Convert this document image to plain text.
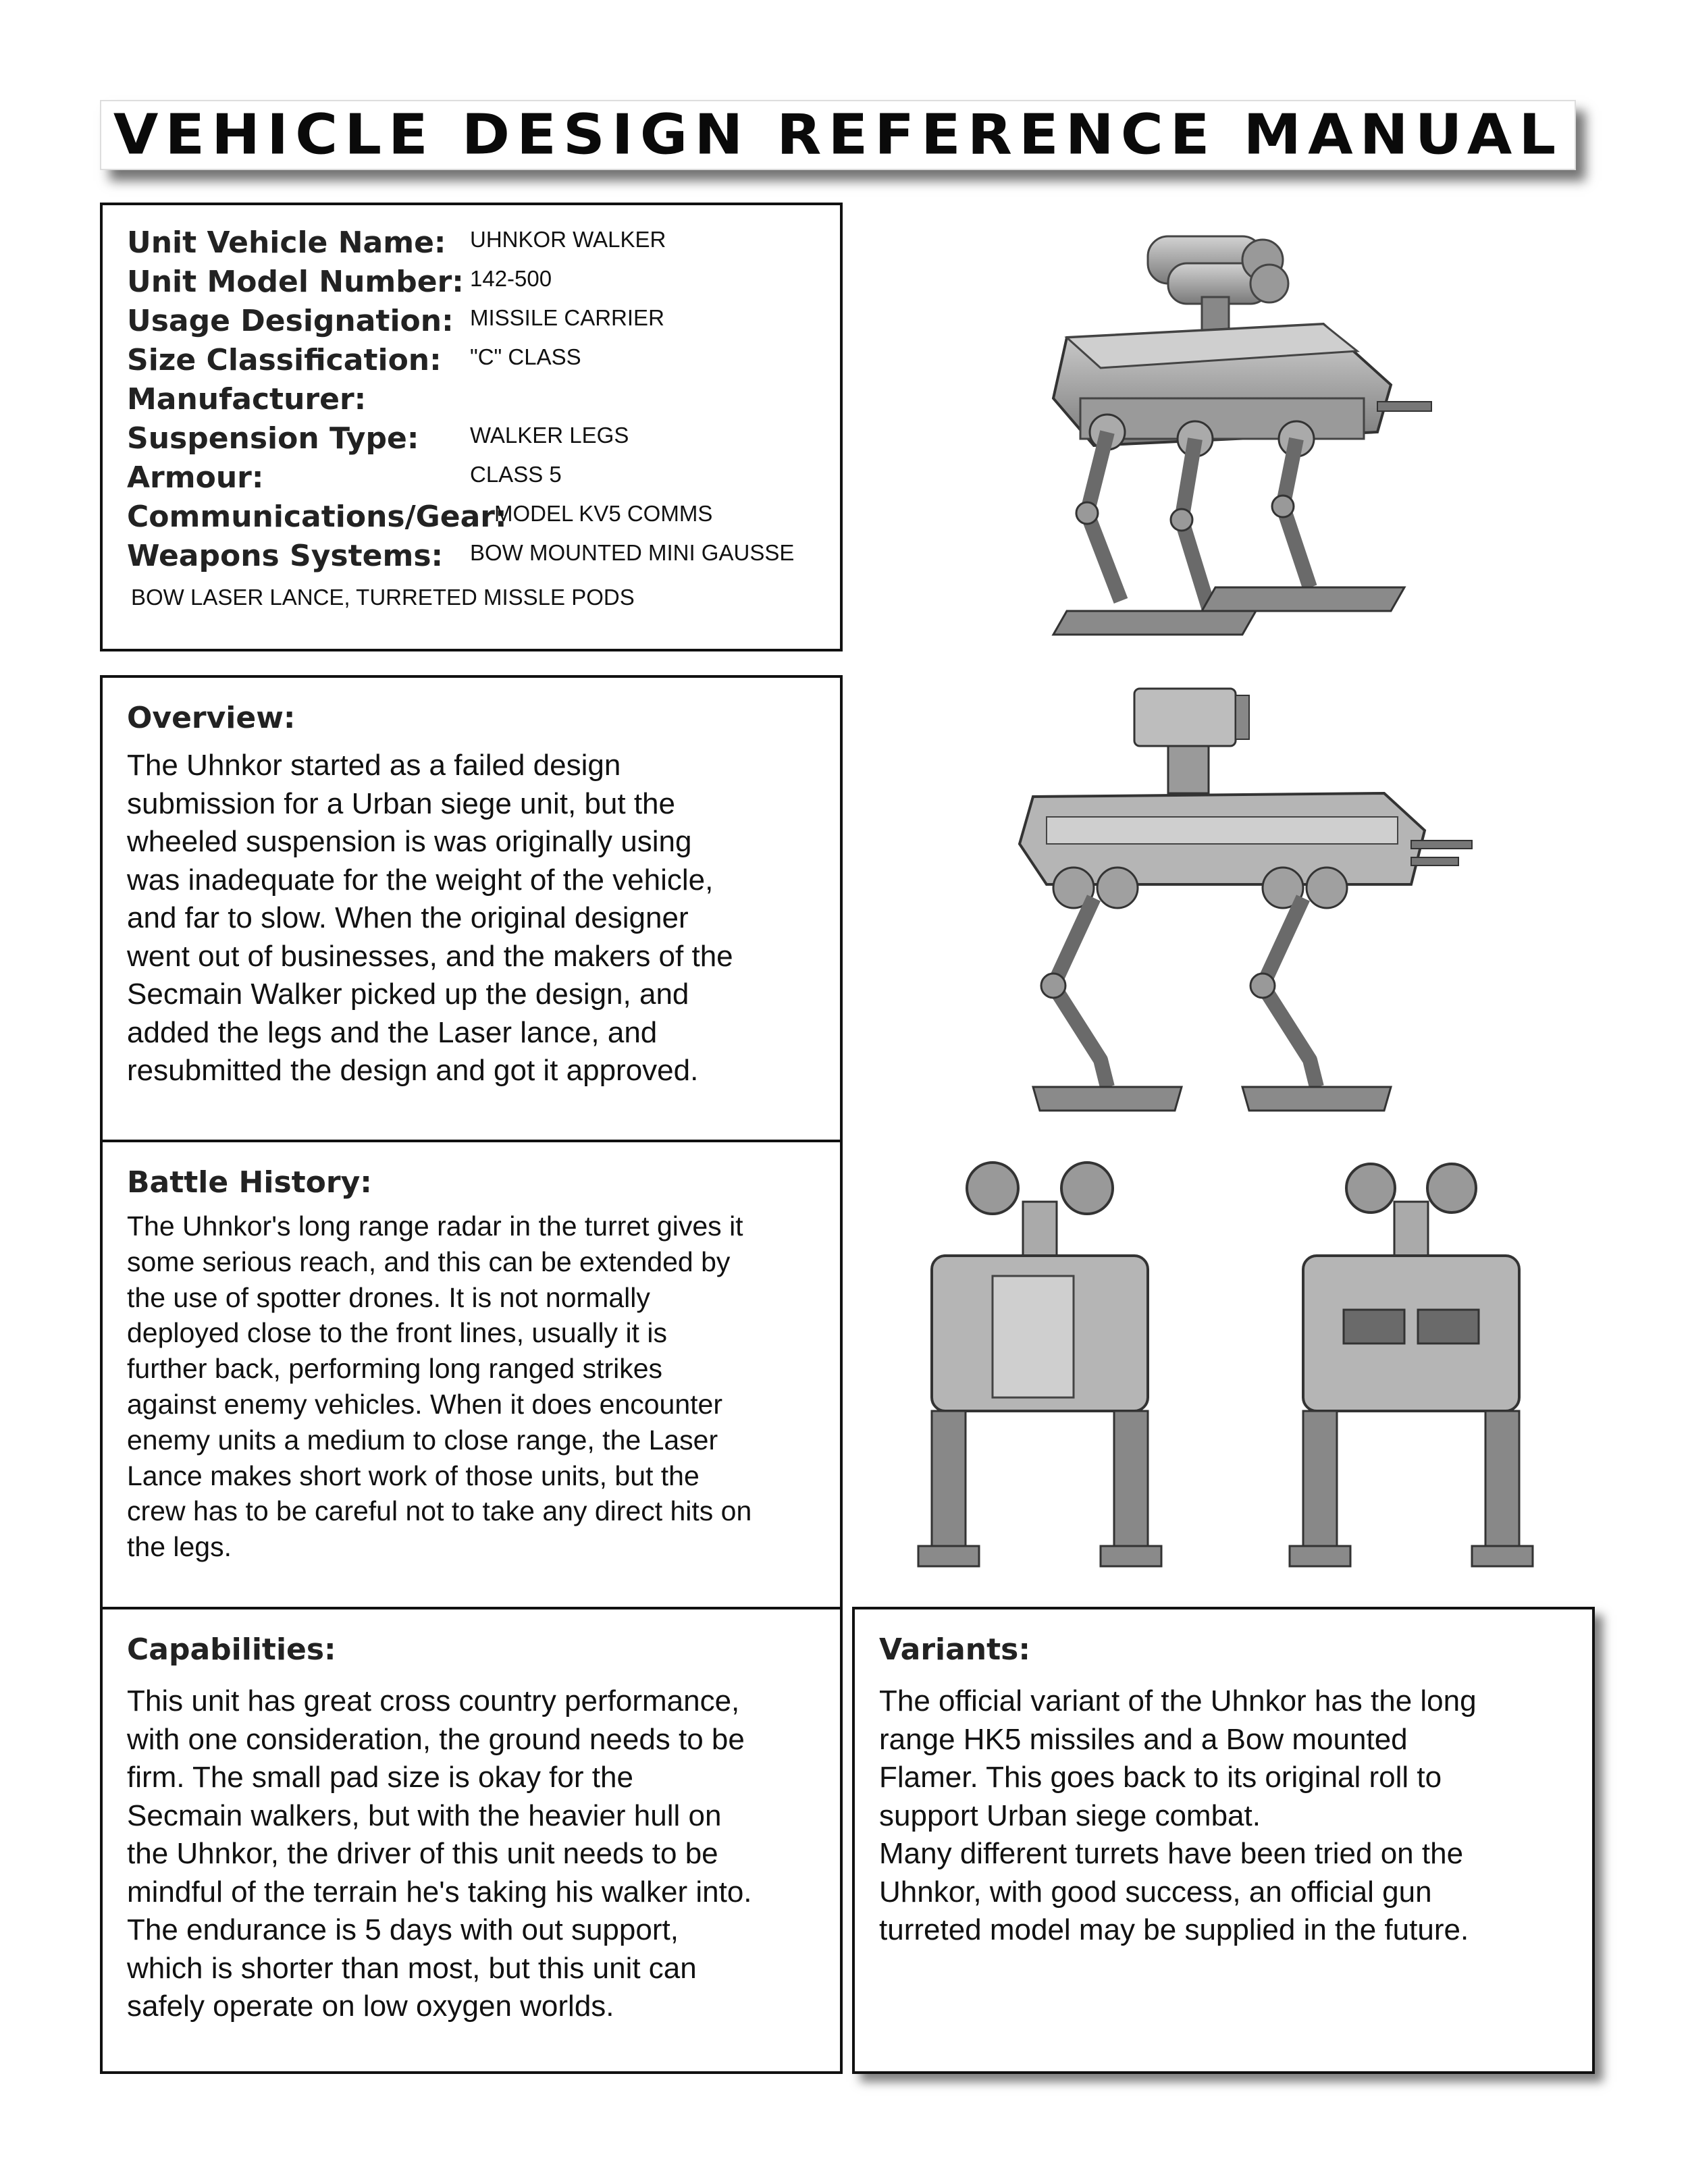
VEHICLE DESIGN REFERENCE MANUAL
Unit Vehicle Name: UHNKOR WALKER
Unit Model Number: 142-500
Usage Designation: MISSILE CARRIER
Size Classification: "C" CLASS
Manufacturer:
Suspension Type: WALKER LEGS
Armour:	CLASS 5
Communications/Gear:
MODEL KV5 COMMS
Weapons Systems: BOW MOUNTED MINI GAUSSE
BOW LASER LANCE, TURRETED MISSLE PODS
Overview:
The Uhnkor started as a failed design
submission for a Urban siege unit, but the
wheeled suspension is was originally using
was inadequate for the weight of the vehicle,
and far to slow. When the original designer
went out of businesses, and the makers of the
Secmain Walker picked up the design, and
added the legs and the Laser lance, and
resubmitted the design and got it approved.
Battle History:
The Uhnkor's long range radar in the turret gives it
some serious reach, and this can be extended by
the use of spotter drones. It is not normally
deployed close to the front lines, usually it is
further back, performing long ranged strikes
against enemy vehicles. When it does encounter
enemy units a medium to close range, the Laser
Lance makes short work of those units, but the
crew has to be careful not to take any direct hits on
the legs.
Capabilities:
This unit has great cross country performance,
with one consideration, the ground needs to be
firm. The small pad size is okay for the
Secmain walkers, but with the heavier hull on
the Uhnkor, the driver of this unit needs to be
mindful of the terrain he's taking his walker into.
The endurance is 5 days with out support,
which is shorter than most, but this unit can
safely operate on low oxygen worlds.
Variants:
The official variant of the Uhnkor has the long
range HK5 missiles and a Bow mounted
Flamer. This goes back to its original roll to
support Urban siege combat.
Many different turrets have been tried on the
Uhnkor, with good success, an official gun
turreted model may be supplied in the future.
